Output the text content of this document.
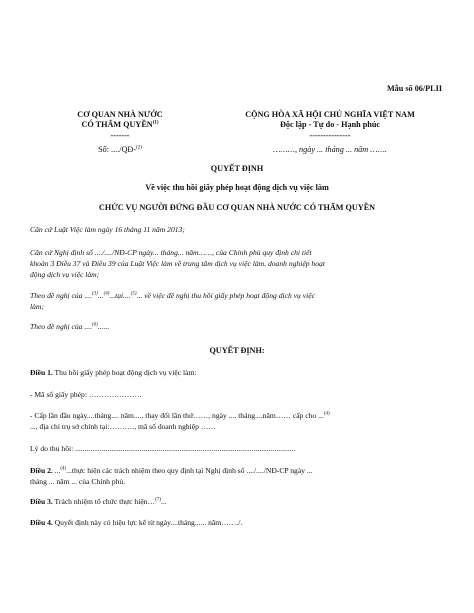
Mẫu số 06/PLII
CƠ QUAN NHÀ NƯỚC
CÓ THẨM QUYỀN$^{(1)}$
-------
Số: ..../QĐ-$^{(2)}$
CỘNG HÒA XÃ HỘI CHỦ NGHĨA VIỆT NAM
Độc lập - Tự do - Hạnh phúc
---------------
………, ngày ... tháng ... năm …….
QUYẾT ĐỊNH
Về việc thu hồi giấy phép hoạt động dịch vụ việc làm
CHỨC VỤ NGƯỜI ĐỨNG ĐẦU CƠ QUAN NHÀ NƯỚC CÓ THẨM QUYỀN
Căn cứ Luật Việc làm ngày 16 tháng 11 năm 2013;
Căn cứ Nghị định số ..../..../NĐ-CP ngày... tháng... năm……, của Chính phủ quy định chi tiết
khoản 3 Điều 37 và Điều 39 của Luật Việc làm về trung tâm dịch vụ việc làm, doanh nghiệp hoạt
động dịch vụ việc làm;
Theo đề nghị của ....$^{(3)}$...$^{(4)}$...tại....$^{(5)}$... về việc đề nghị thu hồi giấy phép hoạt động dịch vụ việc
làm;
Theo đề nghị của ....$^{(6)}$......
QUYẾT ĐỊNH:
Điều 1. Thu hồi giấy phép hoạt động dịch vụ việc làm:
- Mã số giấy phép: …………………
- Cấp lần đầu ngày....tháng.... năm...., thay đổi lần thứ……, ngày .... tháng....năm…… cấp cho ...$^{(4)}$
..., địa chỉ trụ sở chính tại:………., mã số doanh nghiệp ……
Lý do thu hồi: ....................................................................................................................
Điều 2. ...$^{(4)}$...thực hiện các trách nhiệm theo quy định tại Nghị định số ..../..../NĐ-CP ngày ...
tháng ... năm ... của Chính phủ.
Điều 3. Trách nhiệm tổ chức thực hiện…$^{(7)}$...
Điều 4. Quyết định này có hiệu lực kể từ ngày....tháng...... năm……./.
